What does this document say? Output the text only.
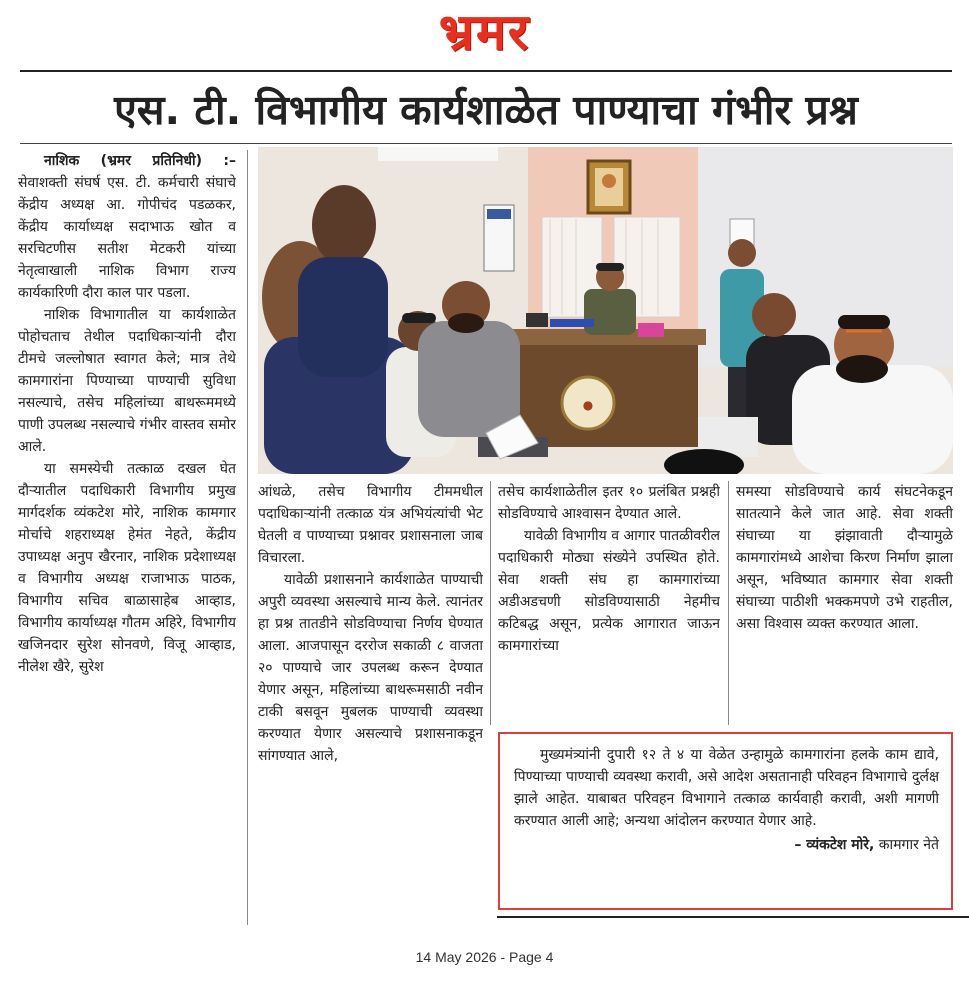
भ्रमर
एस. टी. विभागीय कार्यशाळेत पाण्याचा गंभीर प्रश्न

नाशिक (भ्रमर प्रतिनिधी) :– सेवाशक्ती संघर्ष एस. टी. कर्मचारी संघाचे केंद्रीय अध्यक्ष आ. गोपीचंद पडळकर, केंद्रीय कार्याध्यक्ष सदाभाऊ खोत व सरचिटणीस सतीश मेटकरी यांच्या नेतृत्वाखाली नाशिक विभाग राज्य कार्यकारिणी दौरा काल पार पडला.

नाशिक विभागातील या कार्यशाळेत पोहोचताच तेथील पदाधिकाऱ्यांनी दौरा टीमचे जल्लोषात स्वागत केले; मात्र तेथे कामगारांना पिण्याच्या पाण्याची सुविधा नसल्याचे, तसेच महिलांच्या बाथरूममध्ये पाणी उपलब्ध नसल्याचे गंभीर वास्तव समोर आले.

या समस्येची तत्काळ दखल घेत दौऱ्यातील पदाधिकारी विभागीय प्रमुख मार्गदर्शक व्यंकटेश मोरे, नाशिक कामगार मोर्चाचे शहराध्यक्ष हेमंत नेहते, केंद्रीय उपाध्यक्ष अनुप खैरनार, नाशिक प्रदेशाध्यक्ष व विभागीय अध्यक्ष राजाभाऊ पाठक, विभागीय सचिव बाळासाहेब आव्हाड, विभागीय कार्याध्यक्ष गौतम अहिरे, विभागीय खजिनदार सुरेश सोनवणे, विजू आव्हाड, नीलेश खैरे, सुरेश

●

आंधळे, तसेच विभागीय टीममधील पदाधिकाऱ्यांनी तत्काळ यंत्र अभियंत्यांची भेट घेतली व पाण्याच्या प्रश्नावर प्रशासनाला जाब विचारला.

यावेळी प्रशासनाने कार्यशाळेत पाण्याची अपुरी व्यवस्था असल्याचे मान्य केले. त्यानंतर हा प्रश्न तातडीने सोडविण्याचा निर्णय घेण्यात आला. आजपासून दररोज सकाळी ८ वाजता २० पाण्याचे जार उपलब्ध करून देण्यात येणार असून, महिलांच्या बाथरूमसाठी नवीन टाकी बसवून मुबलक पाण्याची व्यवस्था करण्यात येणार असल्याचे प्रशासनाकडून सांगण्यात आले,

तसेच कार्यशाळेतील इतर १० प्रलंबित प्रश्नही सोडविण्याचे आश्वासन देण्यात आले.

यावेळी विभागीय व आगार पातळीवरील पदाधिकारी मोठ्या संख्येने उपस्थित होते. सेवा शक्ती संघ हा कामगारांच्या अडीअडचणी सोडविण्यासाठी नेहमीच कटिबद्ध असून, प्रत्येक आगारात जाऊन कामगारांच्या

समस्या सोडविण्याचे कार्य संघटनेकडून सातत्याने केले जात आहे. सेवा शक्ती संघाच्या या झंझावाती दौऱ्यामुळे कामगारांमध्ये आशेचा किरण निर्माण झाला असून, भविष्यात कामगार सेवा शक्ती संघाच्या पाठीशी भक्कमपणे उभे राहतील, असा विश्वास व्यक्त करण्यात आला.

मुख्यमंत्र्यांनी दुपारी १२ ते ४ या वेळेत उन्हामुळे कामगारांना हलके काम द्यावे, पिण्याच्या पाण्याची व्यवस्था करावी, असे आदेश असतानाही परिवहन विभागाचे दुर्लक्ष झाले आहेत. याबाबत परिवहन विभागाने तत्काळ कार्यवाही करावी, अशी मागणी करण्यात आली आहे; अन्यथा आंदोलन करण्यात येणार आहे.

– व्यंकटेश मोरे, कामगार नेते
14 May 2026 - Page 4
